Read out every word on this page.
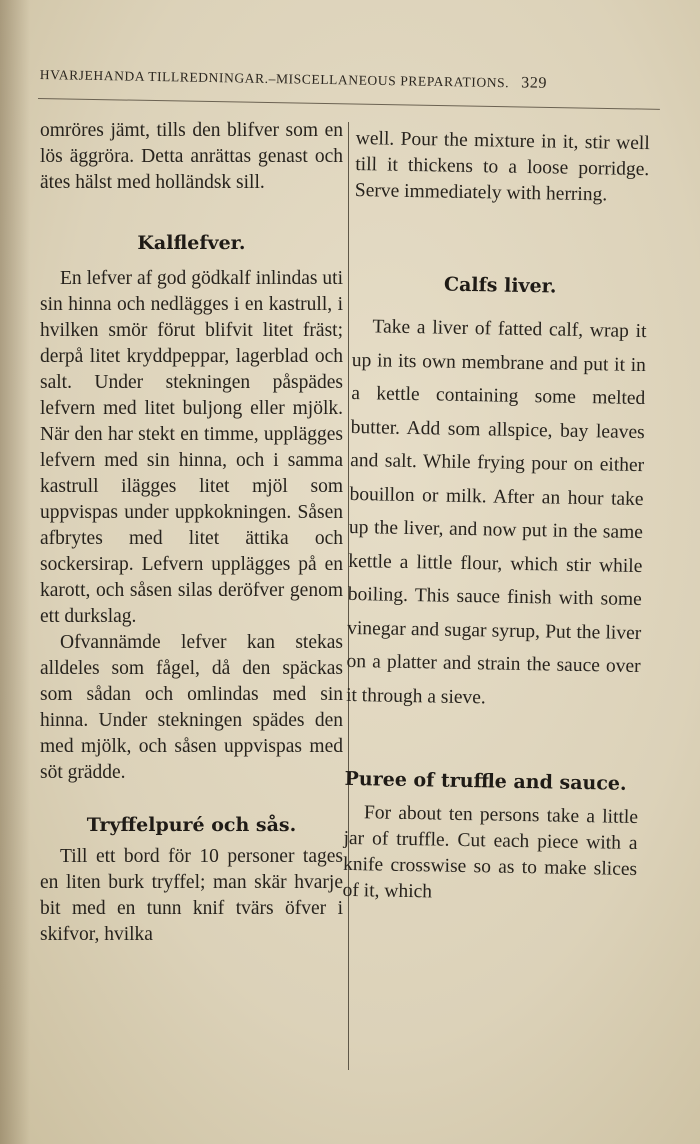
HVARJEHANDA TILLREDNINGAR.–MISCELLANEOUS PREPARATIONS. 329

omröres jämt, tills den blifver som en lös äggröra. Detta anrättas genast och ätes hälst med holländsk sill.

Kalflefver.

En lefver af god gödkalf inlindas uti sin hinna och nedlägges i en kastrull, i hvilken smör förut blifvit litet fräst; derpå litet kryddpeppar, lagerblad och salt. Under stekningen påspädes lefvern med litet buljong eller mjölk. När den har stekt en timme, upplägges lefvern med sin hinna, och i samma kastrull ilägges litet mjöl som uppvispas under uppkokningen. Såsen afbrytes med litet ättika och sockersirap. Lefvern upplägges på en karott, och såsen silas deröfver genom ett durkslag.

Ofvannämde lefver kan stekas alldeles som fågel, då den späckas som sådan och omlindas med sin hinna. Under stekningen spädes den med mjölk, och såsen uppvispas med söt grädde.

Tryffelpuré och sås.

Till ett bord för 10 personer tages en liten burk tryffel; man skär hvarje bit med en tunn knif tvärs öfver i skifvor, hvilka

well. Pour the mixture in it, stir well till it thickens to a loose porridge. Serve immediately with herring.

Calfs liver.

Take a liver of fatted calf, wrap it up in its own membrane and put it in a kettle containing some melted butter. Add som allspice, bay leaves and salt. While frying pour on either bouillon or milk. After an hour take up the liver, and now put in the same kettle a little flour, which stir while boiling. This sauce finish with some vinegar and sugar syrup, Put the liver on a platter and strain the sauce over it through a sieve.

Puree of truffle and sauce.

For about ten persons take a little jar of truffle. Cut each piece with a knife crosswise so as to make slices of it, which
